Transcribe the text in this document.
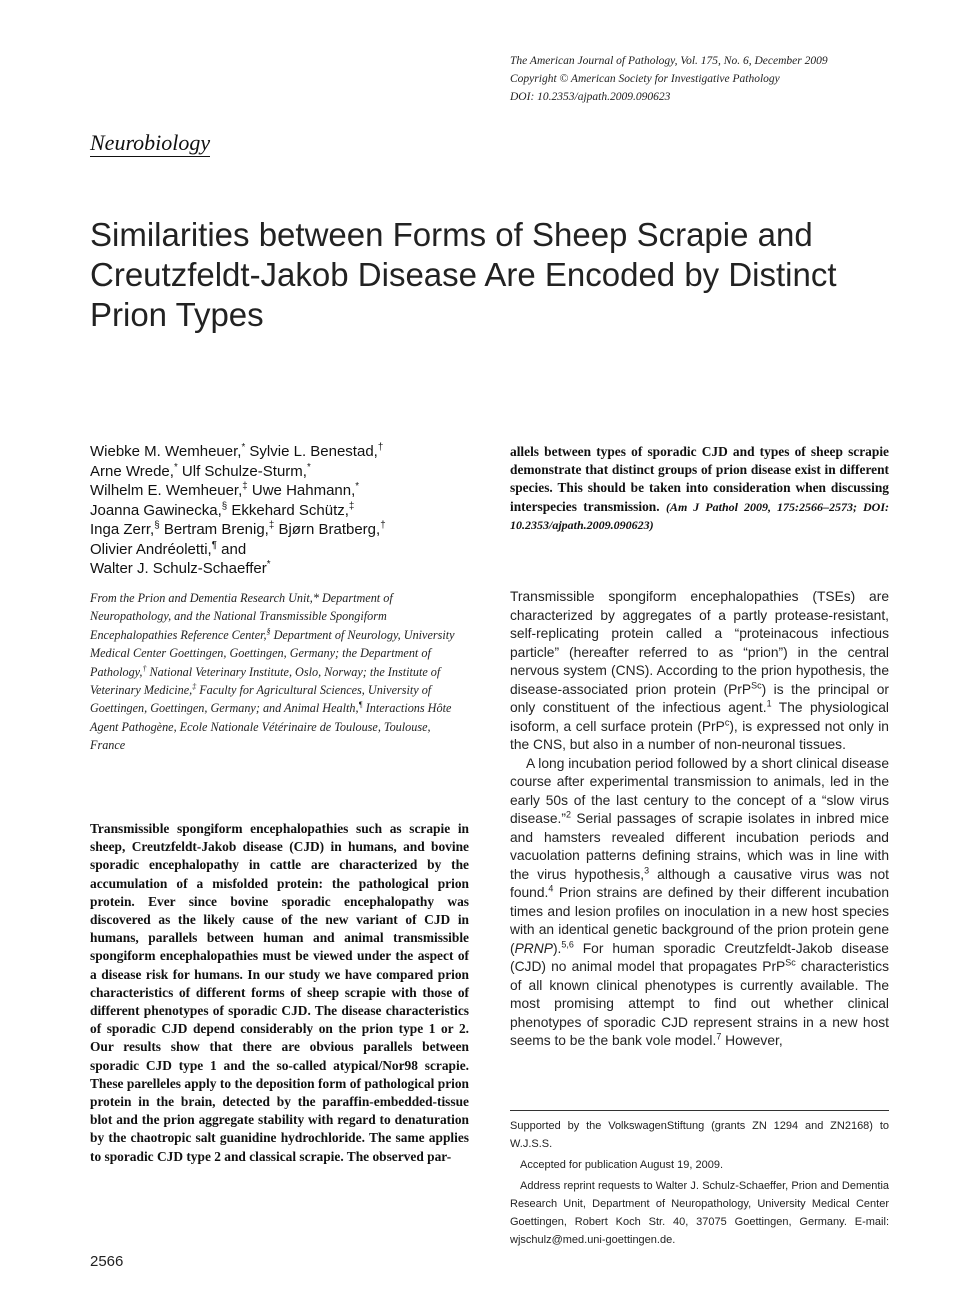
The American Journal of Pathology, Vol. 175, No. 6, December 2009
Copyright © American Society for Investigative Pathology
DOI: 10.2353/ajpath.2009.090623
Neurobiology
Similarities between Forms of Sheep Scrapie and Creutzfeldt-Jakob Disease Are Encoded by Distinct Prion Types
Wiebke M. Wemheuer,* Sylvie L. Benestad,†
Arne Wrede,* Ulf Schulze-Sturm,*
Wilhelm E. Wemheuer,‡ Uwe Hahmann,*
Joanna Gawinecka,§ Ekkehard Schütz,‡
Inga Zerr,§ Bertram Brenig,‡ Bjørn Bratberg,†
Olivier Andréoletti,¶ and
Walter J. Schulz-Schaeffer*
From the Prion and Dementia Research Unit,* Department of Neuropathology, and the National Transmissible Spongiform Encephalopathies Reference Center,§ Department of Neurology, University Medical Center Goettingen, Goettingen, Germany; the Department of Pathology,† National Veterinary Institute, Oslo, Norway; the Institute of Veterinary Medicine,‡ Faculty for Agricultural Sciences, University of Goettingen, Goettingen, Germany; and Animal Health,¶ Interactions Hôte Agent Pathogène, Ecole Nationale Vétérinaire de Toulouse, Toulouse, France
Transmissible spongiform encephalopathies such as scrapie in sheep, Creutzfeldt-Jakob disease (CJD) in humans, and bovine sporadic encephalopathy in cattle are characterized by the accumulation of a misfolded protein: the pathological prion protein. Ever since bovine sporadic encephalopathy was discovered as the likely cause of the new variant of CJD in humans, parallels between human and animal transmissible spongiform encephalopathies must be viewed under the aspect of a disease risk for humans. In our study we have compared prion characteristics of different forms of sheep scrapie with those of different phenotypes of sporadic CJD. The disease characteristics of sporadic CJD depend considerably on the prion type 1 or 2. Our results show that there are obvious parallels between sporadic CJD type 1 and the so-called atypical/Nor98 scrapie. These parelleles apply to the deposition form of pathological prion protein in the brain, detected by the paraffin-embedded-tissue blot and the prion aggregate stability with regard to denaturation by the chaotropic salt guanidine hydrochloride. The same applies to sporadic CJD type 2 and classical scrapie. The observed par-
allels between types of sporadic CJD and types of sheep scrapie demonstrate that distinct groups of prion disease exist in different species. This should be taken into consideration when discussing interspecies transmission. (Am J Pathol 2009, 175:2566–2573; DOI: 10.2353/ajpath.2009.090623)

Transmissible spongiform encephalopathies (TSEs) are characterized by aggregates of a partly protease-resistant, self-replicating protein called a “proteinacous infectious particle” (hereafter referred to as “prion”) in the central nervous system (CNS). According to the prion hypothesis, the disease-associated prion protein (PrP$^{Sc}$) is the principal or only constituent of the infectious agent.$^1$ The physiological isoform, a cell surface protein (PrP$^c$), is expressed not only in the CNS, but also in a number of non-neuronal tissues.

A long incubation period followed by a short clinical disease course after experimental transmission to animals, led in the early 50s of the last century to the concept of a “slow virus disease.”$^2$ Serial passages of scrapie isolates in inbred mice and hamsters revealed different incubation periods and vacuolation patterns defining strains, which was in line with the virus hypothesis,$^3$ although a causative virus was not found.$^4$ Prion strains are defined by their different incubation times and lesion profiles on inoculation in a new host species with an identical genetic background of the prion protein gene (PRNP).$^{5,6}$ For human sporadic Creutzfeldt-Jakob disease (CJD) no animal model that propagates PrP$^{Sc}$ characteristics of all known clinical phenotypes is currently available. The most promising attempt to find out whether clinical phenotypes of sporadic CJD represent strains in a new host seems to be the bank vole model.$^7$ However,

Supported by the VolkswagenStiftung (grants ZN 1294 and ZN2168) to W.J.S.S.

Accepted for publication August 19, 2009.

Address reprint requests to Walter J. Schulz-Schaeffer, Prion and Dementia Research Unit, Department of Neuropathology, University Medical Center Goettingen, Robert Koch Str. 40, 37075 Goettingen, Germany. E-mail: wjschulz@med.uni-goettingen.de.

2566
